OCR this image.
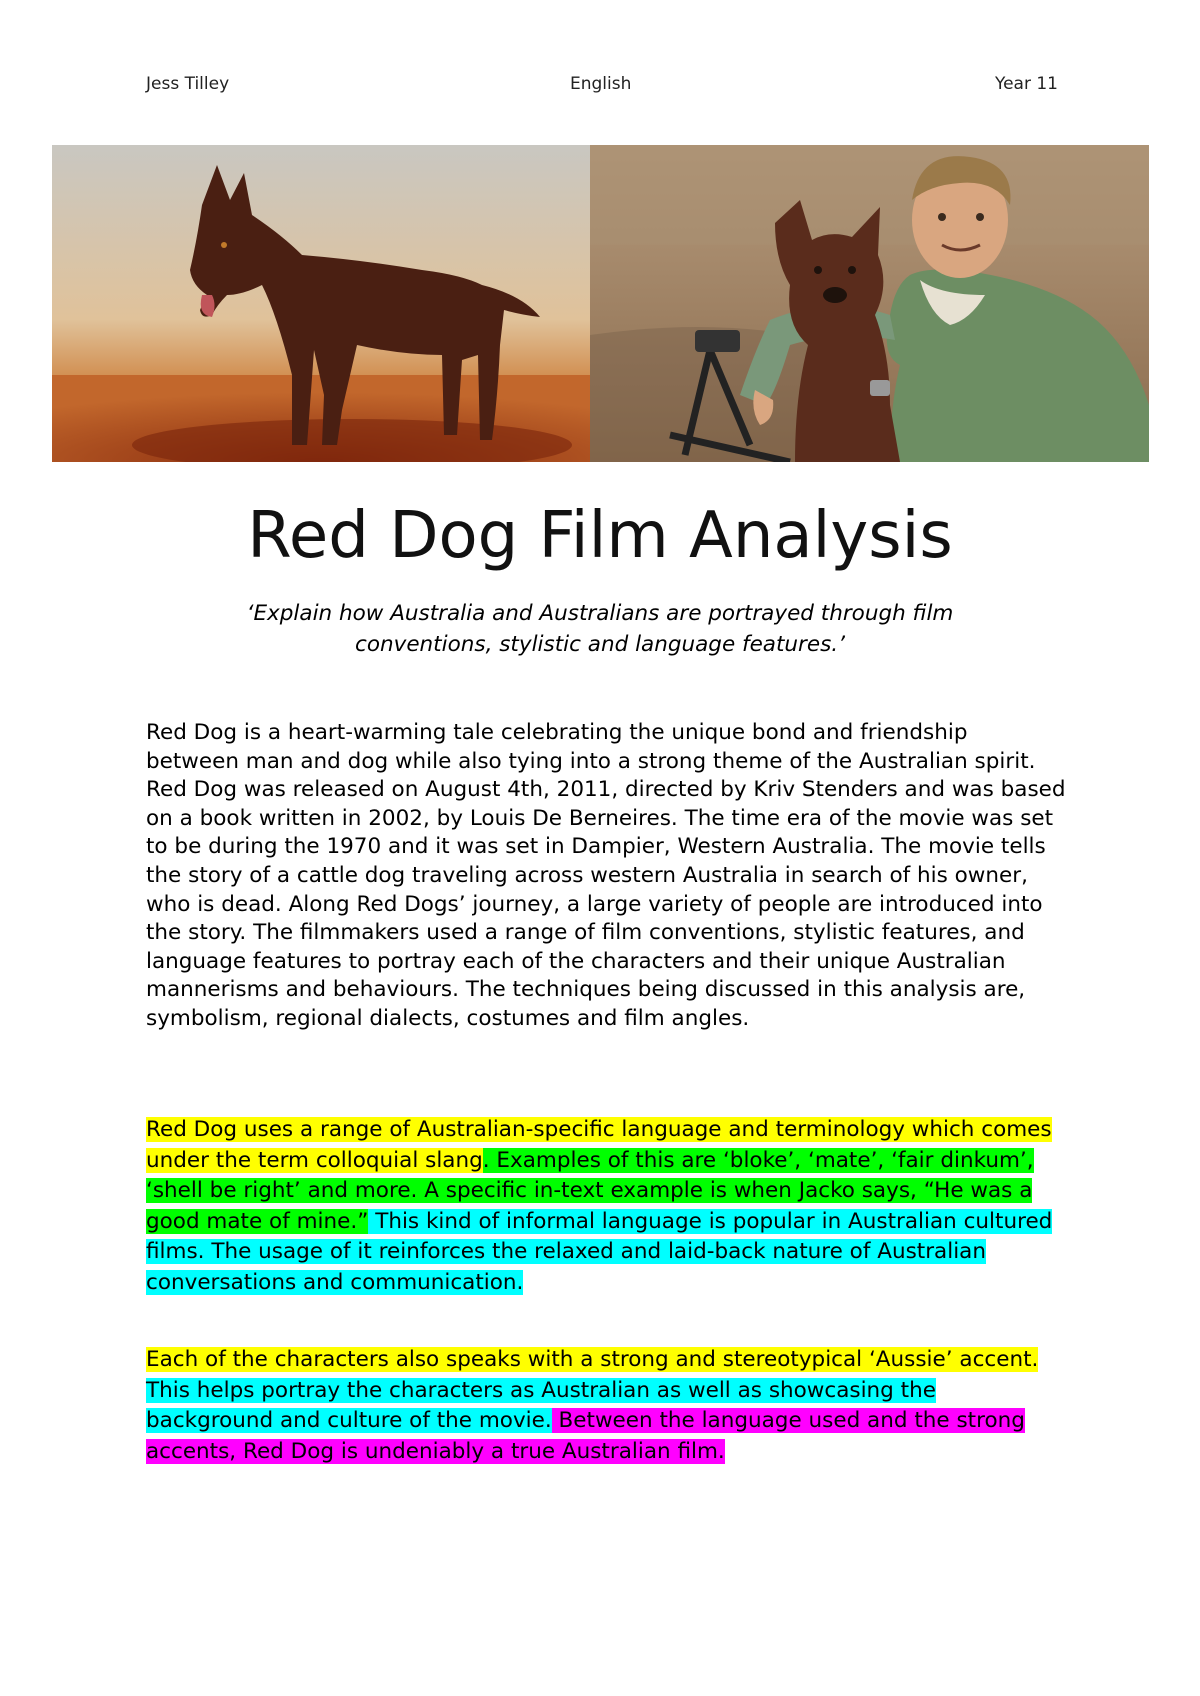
Jess Tilley	English	Year 11
Red Dog Film Analysis

‘Explain how Australia and Australians are portrayed through film conventions, stylistic and language features.’

Red Dog is a heart-warming tale celebrating the unique bond and friendship between man and dog while also tying into a strong theme of the Australian spirit. Red Dog was released on August 4th, 2011, directed by Kriv Stenders and was based on a book written in 2002, by Louis De Berneires. The time era of the movie was set to be during the 1970 and it was set in Dampier, Western Australia. The movie tells the story of a cattle dog traveling across western Australia in search of his owner, who is dead. Along Red Dogs’ journey, a large variety of people are introduced into the story. The filmmakers used a range of film conventions, stylistic features, and language features to portray each of the characters and their unique Australian mannerisms and behaviours. The techniques being discussed in this analysis are, symbolism, regional dialects, costumes and film angles.

Red Dog uses a range of Australian-specific language and terminology which comes under the term colloquial slang. Examples of this are ‘bloke’, ‘mate’, ‘fair dinkum’, ‘shell be right’ and more. A specific in-text example is when Jacko says, “He was a good mate of mine.” This kind of informal language is popular in Australian cultured films. The usage of it reinforces the relaxed and laid-back nature of Australian conversations and communication.

Each of the characters also speaks with a strong and stereotypical ‘Aussie’ accent. This helps portray the characters as Australian as well as showcasing the background and culture of the movie. Between the language used and the strong accents, Red Dog is undeniably a true Australian film.
